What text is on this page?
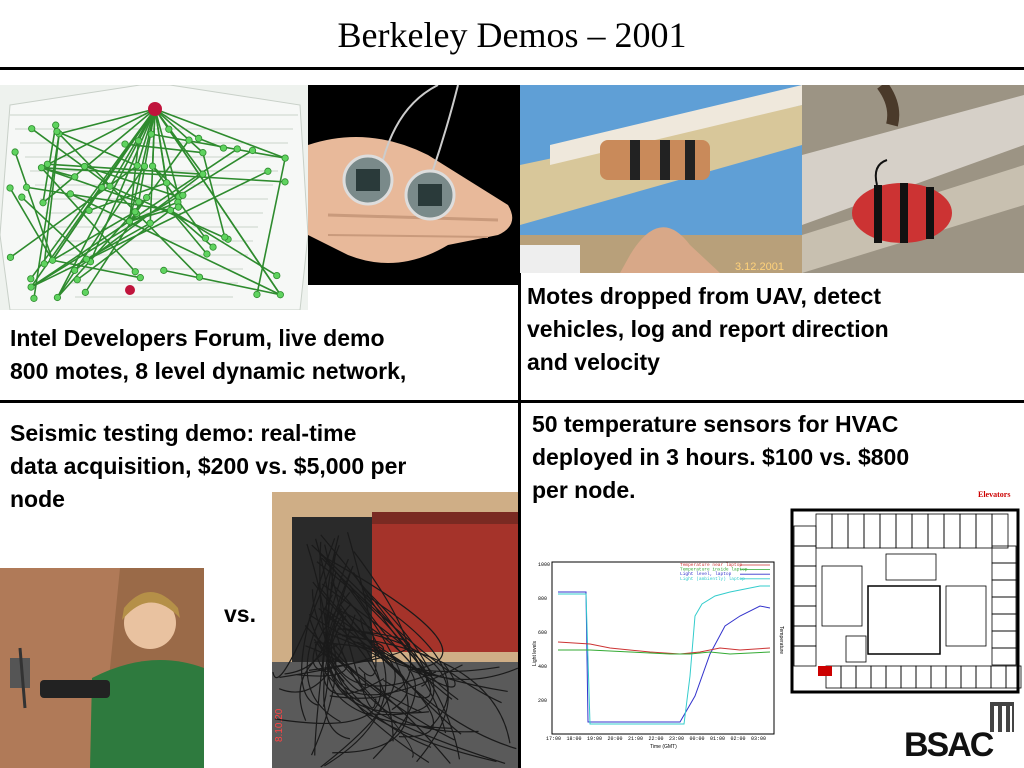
Berkeley Demos – 2001
3.12.2001
Intel Developers Forum, live demo
800 motes, 8 level dynamic network,
Motes dropped from UAV, detect
vehicles, log and report direction
and velocity
Seismic testing demo: real-time
data acquisition, $200 vs. $5,000 per
node
50 temperature sensors for HVAC
deployed in 3 hours. $100 vs. $800
per node.
vs.
8.10.20
1000
800
600
400
200
17:00 18:00 19:00 20:00 21:00 22:00 23:00 00:00 01:00 02:00 03:00
Light levels	Temperature
Time (GMT)
Temperature near laptop
Temperature inside laptop
Light level, laptop
Light (ambiently) laptop
Elevators
BSAC
